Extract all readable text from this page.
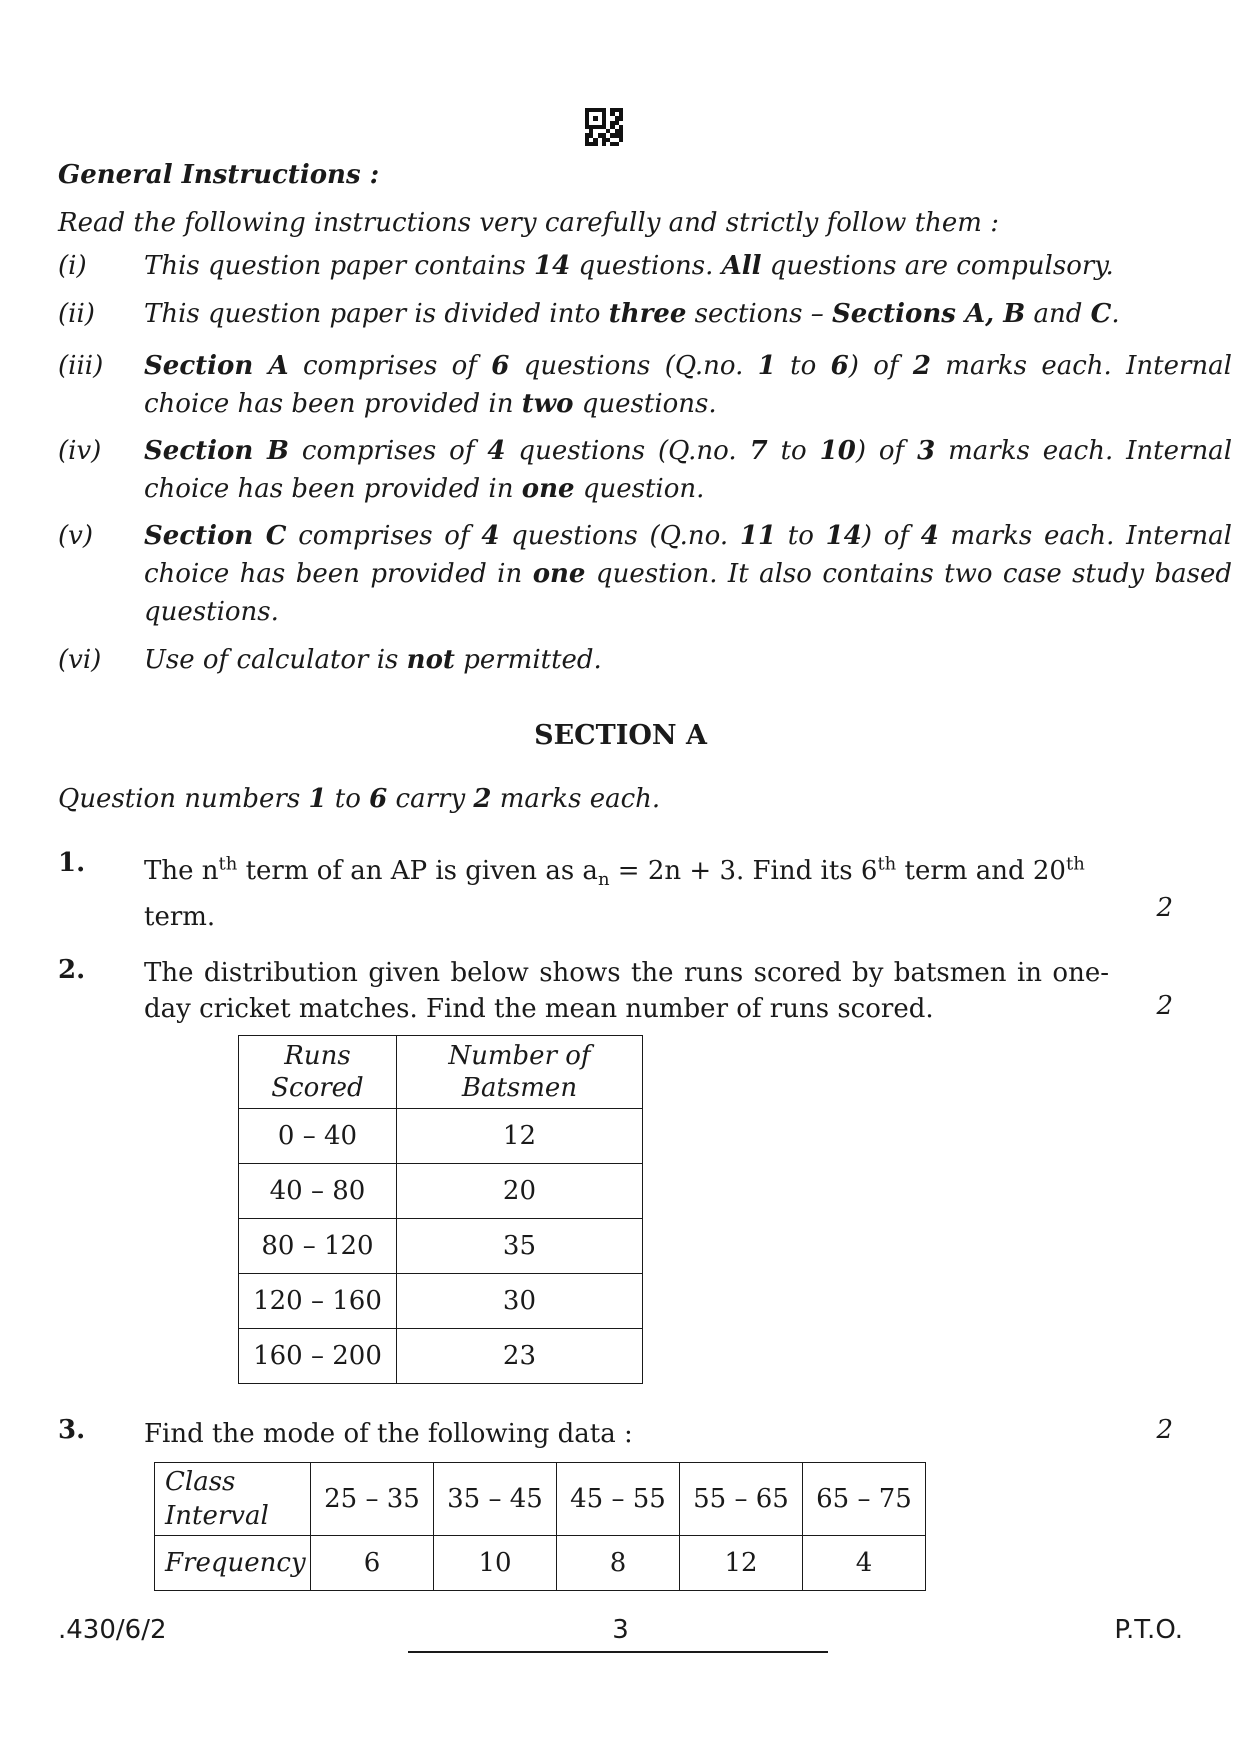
General Instructions :
Read the following instructions very carefully and strictly follow them :
(i) This question paper contains 14 questions. All questions are compulsory.
(ii) This question paper is divided into three sections – Sections A, B and C.
(iii) Section A comprises of 6 questions (Q.no. 1 to 6) of 2 marks each. Internal choice has been provided in two questions.
(iv) Section B comprises of 4 questions (Q.no. 7 to 10) of 3 marks each. Internal choice has been provided in one question.
(v) Section C comprises of 4 questions (Q.no. 11 to 14) of 4 marks each. Internal choice has been provided in one question. It also contains two case study based questions.
(vi) Use of calculator is not permitted.
SECTION A
Question numbers 1 to 6 carry 2 marks each.
1. The $n^{th}$ term of an AP is given as $a_n = 2n + 3$. Find its 6th term and 20th term.	2
2. The distribution given below shows the runs scored by batsmen in one-day cricket matches. Find the mean number of runs scored.	2
Runs Scored	Number of Batsmen
0 – 40	12
40 – 80	20
80 – 120	35
120 – 160	30
160 – 200	23
3. Find the mode of the following data :	2
Class Interval	25 – 35	35 – 45	45 – 55	55 – 65	65 – 75
Frequency	6	10	8	12	4
.430/6/2	3	P.T.O.
